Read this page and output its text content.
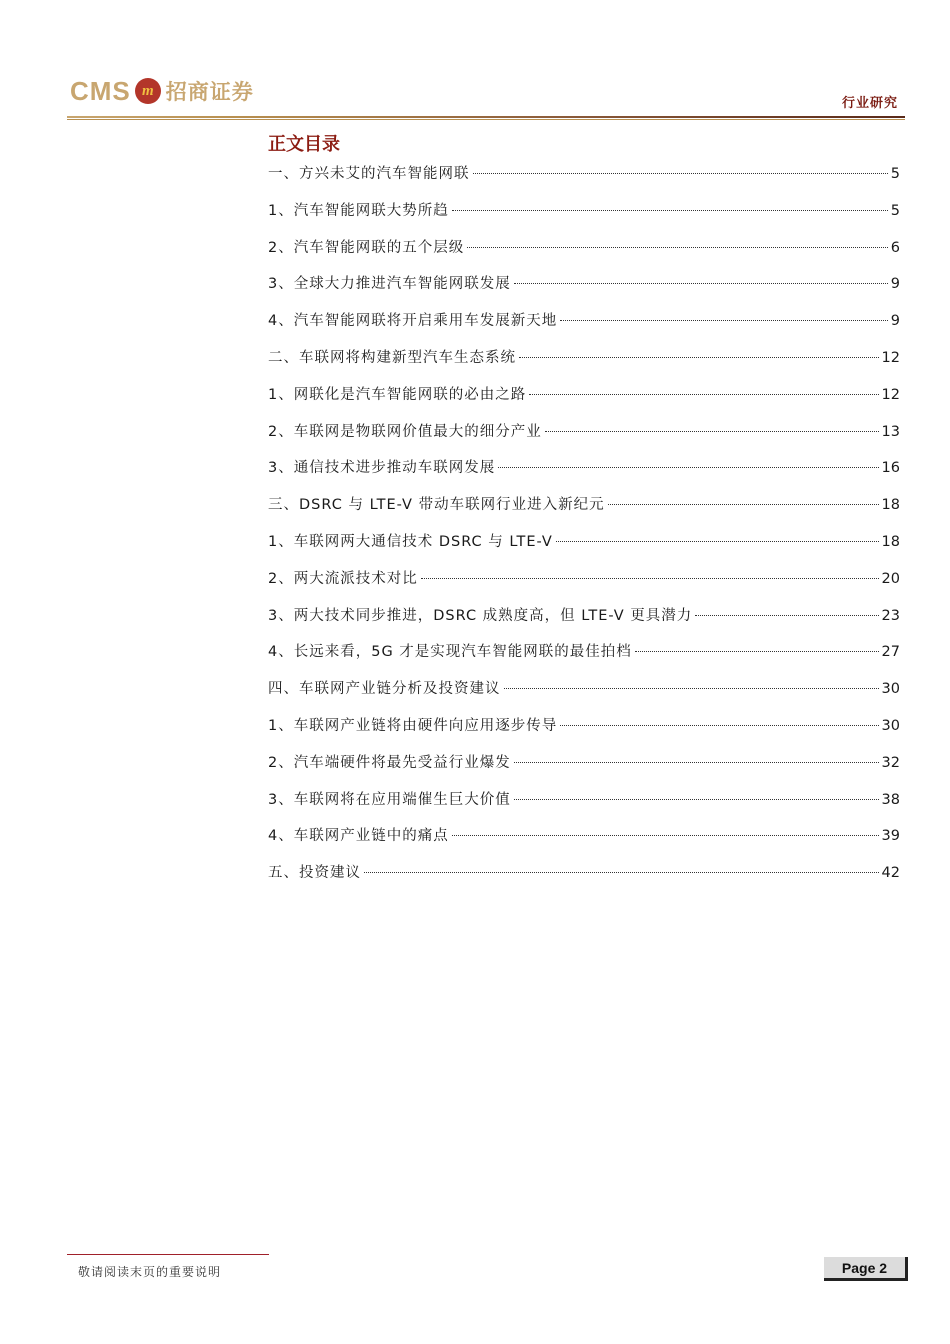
CMS m 招商证券	行业研究
正文目录
一、方兴未艾的汽车智能网联	5
1、汽车智能网联大势所趋	5
2、汽车智能网联的五个层级	6
3、全球大力推进汽车智能网联发展	9
4、汽车智能网联将开启乘用车发展新天地	9
二、车联网将构建新型汽车生态系统	12
1、网联化是汽车智能网联的必由之路	12
2、车联网是物联网价值最大的细分产业	13
3、通信技术进步推动车联网发展	16
三、DSRC 与 LTE-V 带动车联网行业进入新纪元	18
1、车联网两大通信技术 DSRC 与 LTE-V	18
2、两大流派技术对比	20
3、两大技术同步推进，DSRC 成熟度高，但 LTE-V 更具潜力	23
4、长远来看，5G 才是实现汽车智能网联的最佳拍档	27
四、车联网产业链分析及投资建议	30
1、车联网产业链将由硬件向应用逐步传导	30
2、汽车端硬件将最先受益行业爆发	32
3、车联网将在应用端催生巨大价值	38
4、车联网产业链中的痛点	39
五、投资建议	42
敬请阅读末页的重要说明	Page 2
